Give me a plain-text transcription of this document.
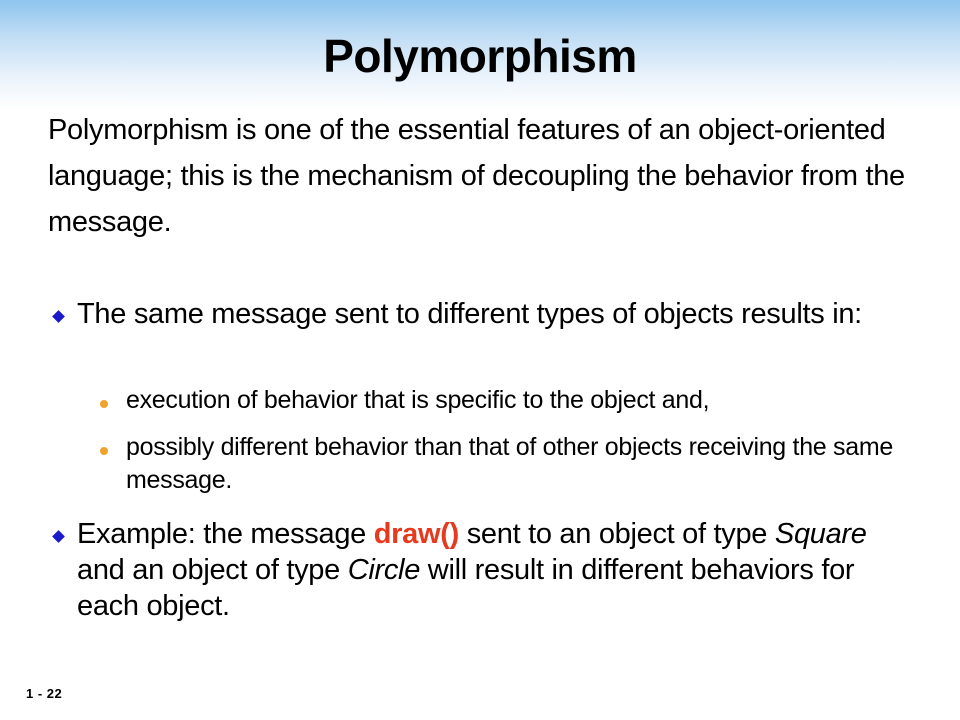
Polymorphism
Polymorphism is one of the essential features of an object-oriented language; this is the mechanism of decoupling the behavior from the message.
The same message sent to different types of objects results in:
execution of behavior that is specific to the object and,
possibly different behavior than that of other objects receiving the same message.
Example: the message draw() sent to an object of type Square and an object of type Circle will result in different behaviors for each object.
1 - 22
